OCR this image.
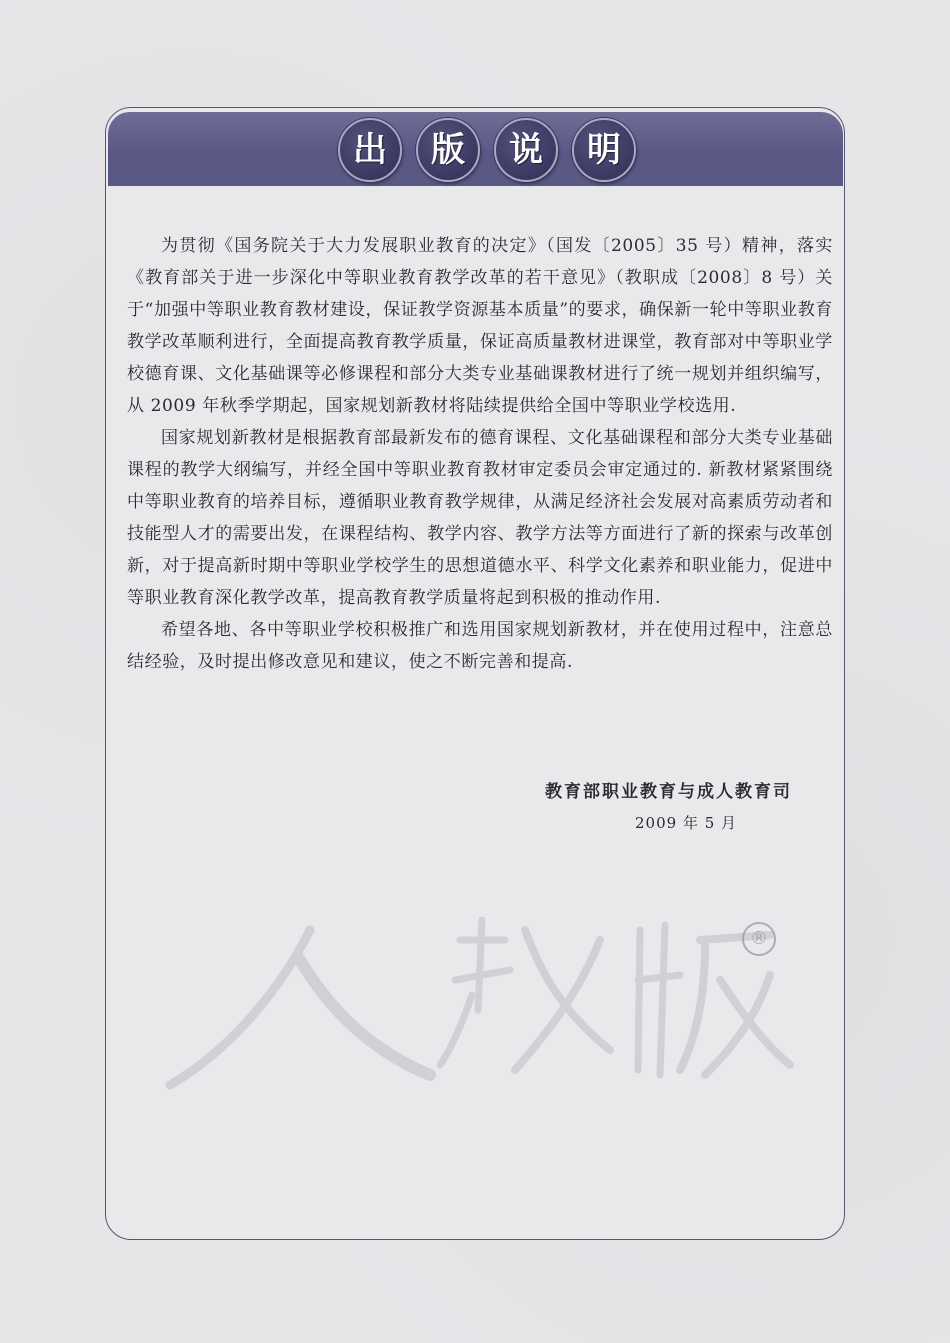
出	版	说	明

为贯彻《国务院关于大力发展职业教育的决定》（国发〔2005〕35 号）精神，落实《教育部关于进一步深化中等职业教育教学改革的若干意见》（教职成〔2008〕8 号）关于“加强中等职业教育教材建设，保证教学资源基本质量”的要求，确保新一轮中等职业教育教学改革顺利进行，全面提高教育教学质量，保证高质量教材进课堂，教育部对中等职业学校德育课、文化基础课等必修课程和部分大类专业基础课教材进行了统一规划并组织编写，从 2009 年秋季学期起，国家规划新教材将陆续提供给全国中等职业学校选用.

国家规划新教材是根据教育部最新发布的德育课程、文化基础课程和部分大类专业基础课程的教学大纲编写，并经全国中等职业教育教材审定委员会审定通过的. 新教材紧紧围绕中等职业教育的培养目标，遵循职业教育教学规律，从满足经济社会发展对高素质劳动者和技能型人才的需要出发，在课程结构、教学内容、教学方法等方面进行了新的探索与改革创新，对于提高新时期中等职业学校学生的思想道德水平、科学文化素养和职业能力，促进中等职业教育深化教学改革，提高教育教学质量将起到积极的推动作用.

希望各地、各中等职业学校积极推广和选用国家规划新教材，并在使用过程中，注意总结经验，及时提出修改意见和建议，使之不断完善和提高.

教育部职业教育与成人教育司
2009 年 5 月
®
